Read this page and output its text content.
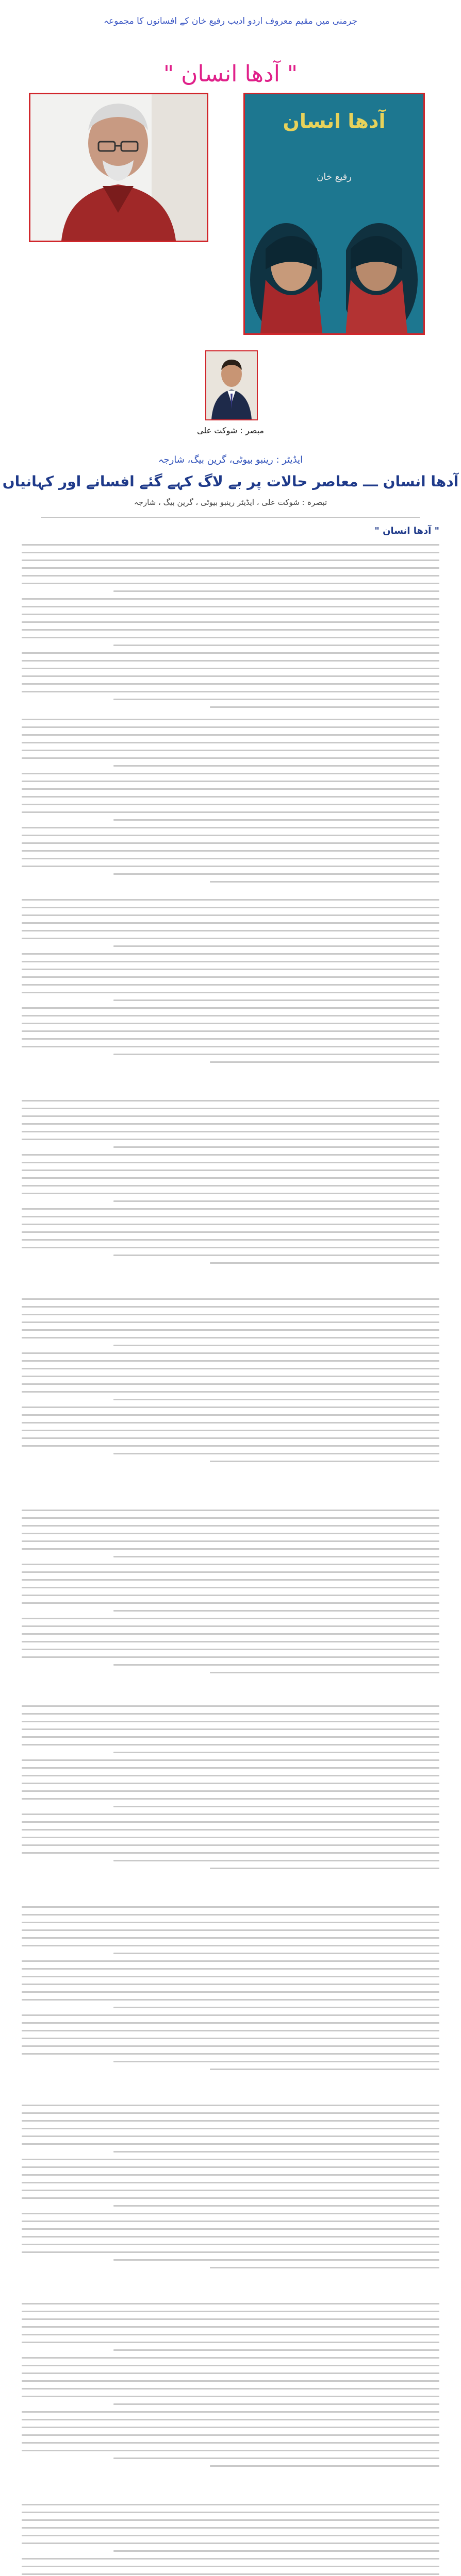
جرمنی میں مقیم معروف اردو ادیب رفیع خان کے افسانوں کا مجموعہ
" آدھا انسان "
آدھا انسان
رفیع خان
مبصر : شوکت علی
ایڈیٹر : رینبو بیوٹی، گرین بیگ، شارجہ
آدھا انسان ـــ معاصر حالات پر بے لاگ کہے گئے افسانے اور کہانیاں
تبصرہ : شوکت علی ، ایڈیٹر رینبو بیوٹی ، گرین بیگ ، شارجہ
" آدھا انسان "
